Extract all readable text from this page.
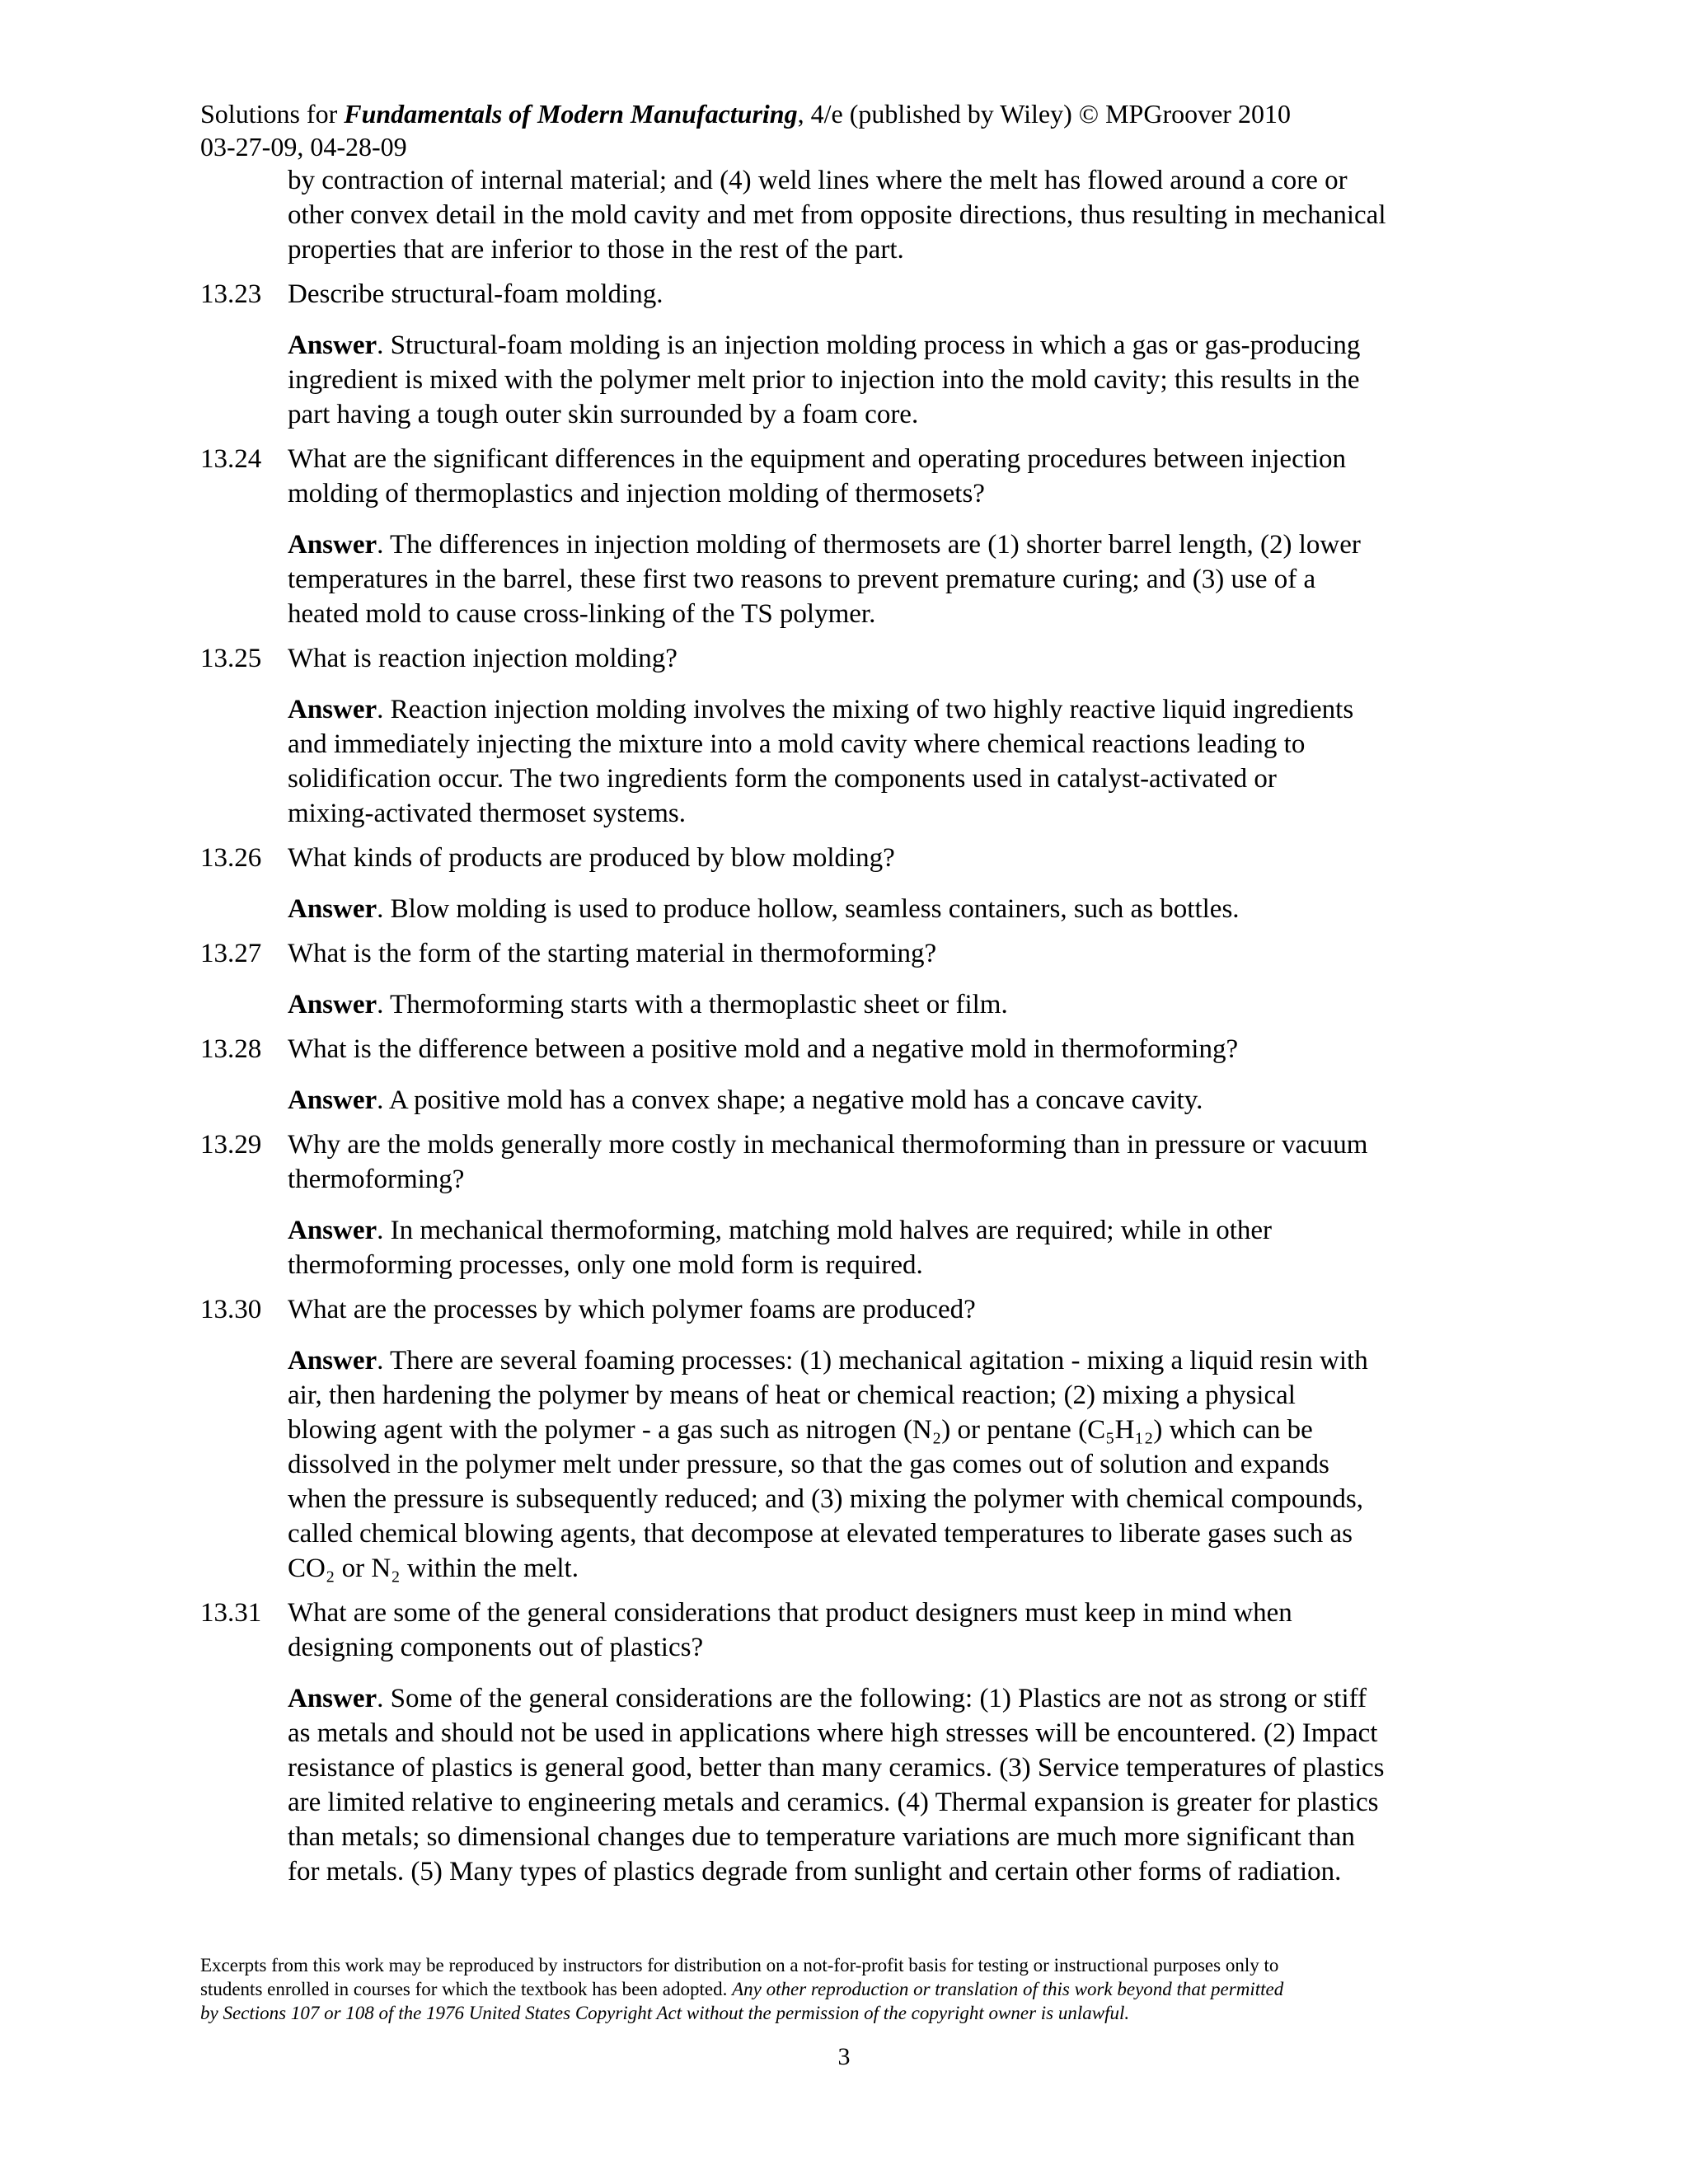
Solutions for Fundamentals of Modern Manufacturing, 4/e (published by Wiley) © MPGroover 2010
03-27-09, 04-28-09
by contraction of internal material; and (4) weld lines where the melt has flowed around a core or
other convex detail in the mold cavity and met from opposite directions, thus resulting in mechanical
properties that are inferior to those in the rest of the part.
13.23 Describe structural-foam molding.
Answer. Structural-foam molding is an injection molding process in which a gas or gas-producing
ingredient is mixed with the polymer melt prior to injection into the mold cavity; this results in the
part having a tough outer skin surrounded by a foam core.
13.24 What are the significant differences in the equipment and operating procedures between injection
molding of thermoplastics and injection molding of thermosets?
Answer. The differences in injection molding of thermosets are (1) shorter barrel length, (2) lower
temperatures in the barrel, these first two reasons to prevent premature curing; and (3) use of a
heated mold to cause cross-linking of the TS polymer.
13.25 What is reaction injection molding?
Answer. Reaction injection molding involves the mixing of two highly reactive liquid ingredients
and immediately injecting the mixture into a mold cavity where chemical reactions leading to
solidification occur. The two ingredients form the components used in catalyst-activated or
mixing-activated thermoset systems.
13.26 What kinds of products are produced by blow molding?
Answer. Blow molding is used to produce hollow, seamless containers, such as bottles.
13.27 What is the form of the starting material in thermoforming?
Answer. Thermoforming starts with a thermoplastic sheet or film.
13.28 What is the difference between a positive mold and a negative mold in thermoforming?
Answer. A positive mold has a convex shape; a negative mold has a concave cavity.
13.29 Why are the molds generally more costly in mechanical thermoforming than in pressure or vacuum
thermoforming?
Answer. In mechanical thermoforming, matching mold halves are required; while in other
thermoforming processes, only one mold form is required.
13.30 What are the processes by which polymer foams are produced?
Answer. There are several foaming processes: (1) mechanical agitation - mixing a liquid resin with
air, then hardening the polymer by means of heat or chemical reaction; (2) mixing a physical
blowing agent with the polymer - a gas such as nitrogen (N₂) or pentane (C₅H₁₂) which can be
dissolved in the polymer melt under pressure, so that the gas comes out of solution and expands
when the pressure is subsequently reduced; and (3) mixing the polymer with chemical compounds,
called chemical blowing agents, that decompose at elevated temperatures to liberate gases such as
CO₂ or N₂ within the melt.
13.31 What are some of the general considerations that product designers must keep in mind when
designing components out of plastics?
Answer. Some of the general considerations are the following: (1) Plastics are not as strong or stiff
as metals and should not be used in applications where high stresses will be encountered. (2) Impact
resistance of plastics is general good, better than many ceramics. (3) Service temperatures of plastics
are limited relative to engineering metals and ceramics. (4) Thermal expansion is greater for plastics
than metals; so dimensional changes due to temperature variations are much more significant than
for metals. (5) Many types of plastics degrade from sunlight and certain other forms of radiation.
Excerpts from this work may be reproduced by instructors for distribution on a not-for-profit basis for testing or instructional purposes only to
students enrolled in courses for which the textbook has been adopted. Any other reproduction or translation of this work beyond that permitted
by Sections 107 or 108 of the 1976 United States Copyright Act without the permission of the copyright owner is unlawful.
3
